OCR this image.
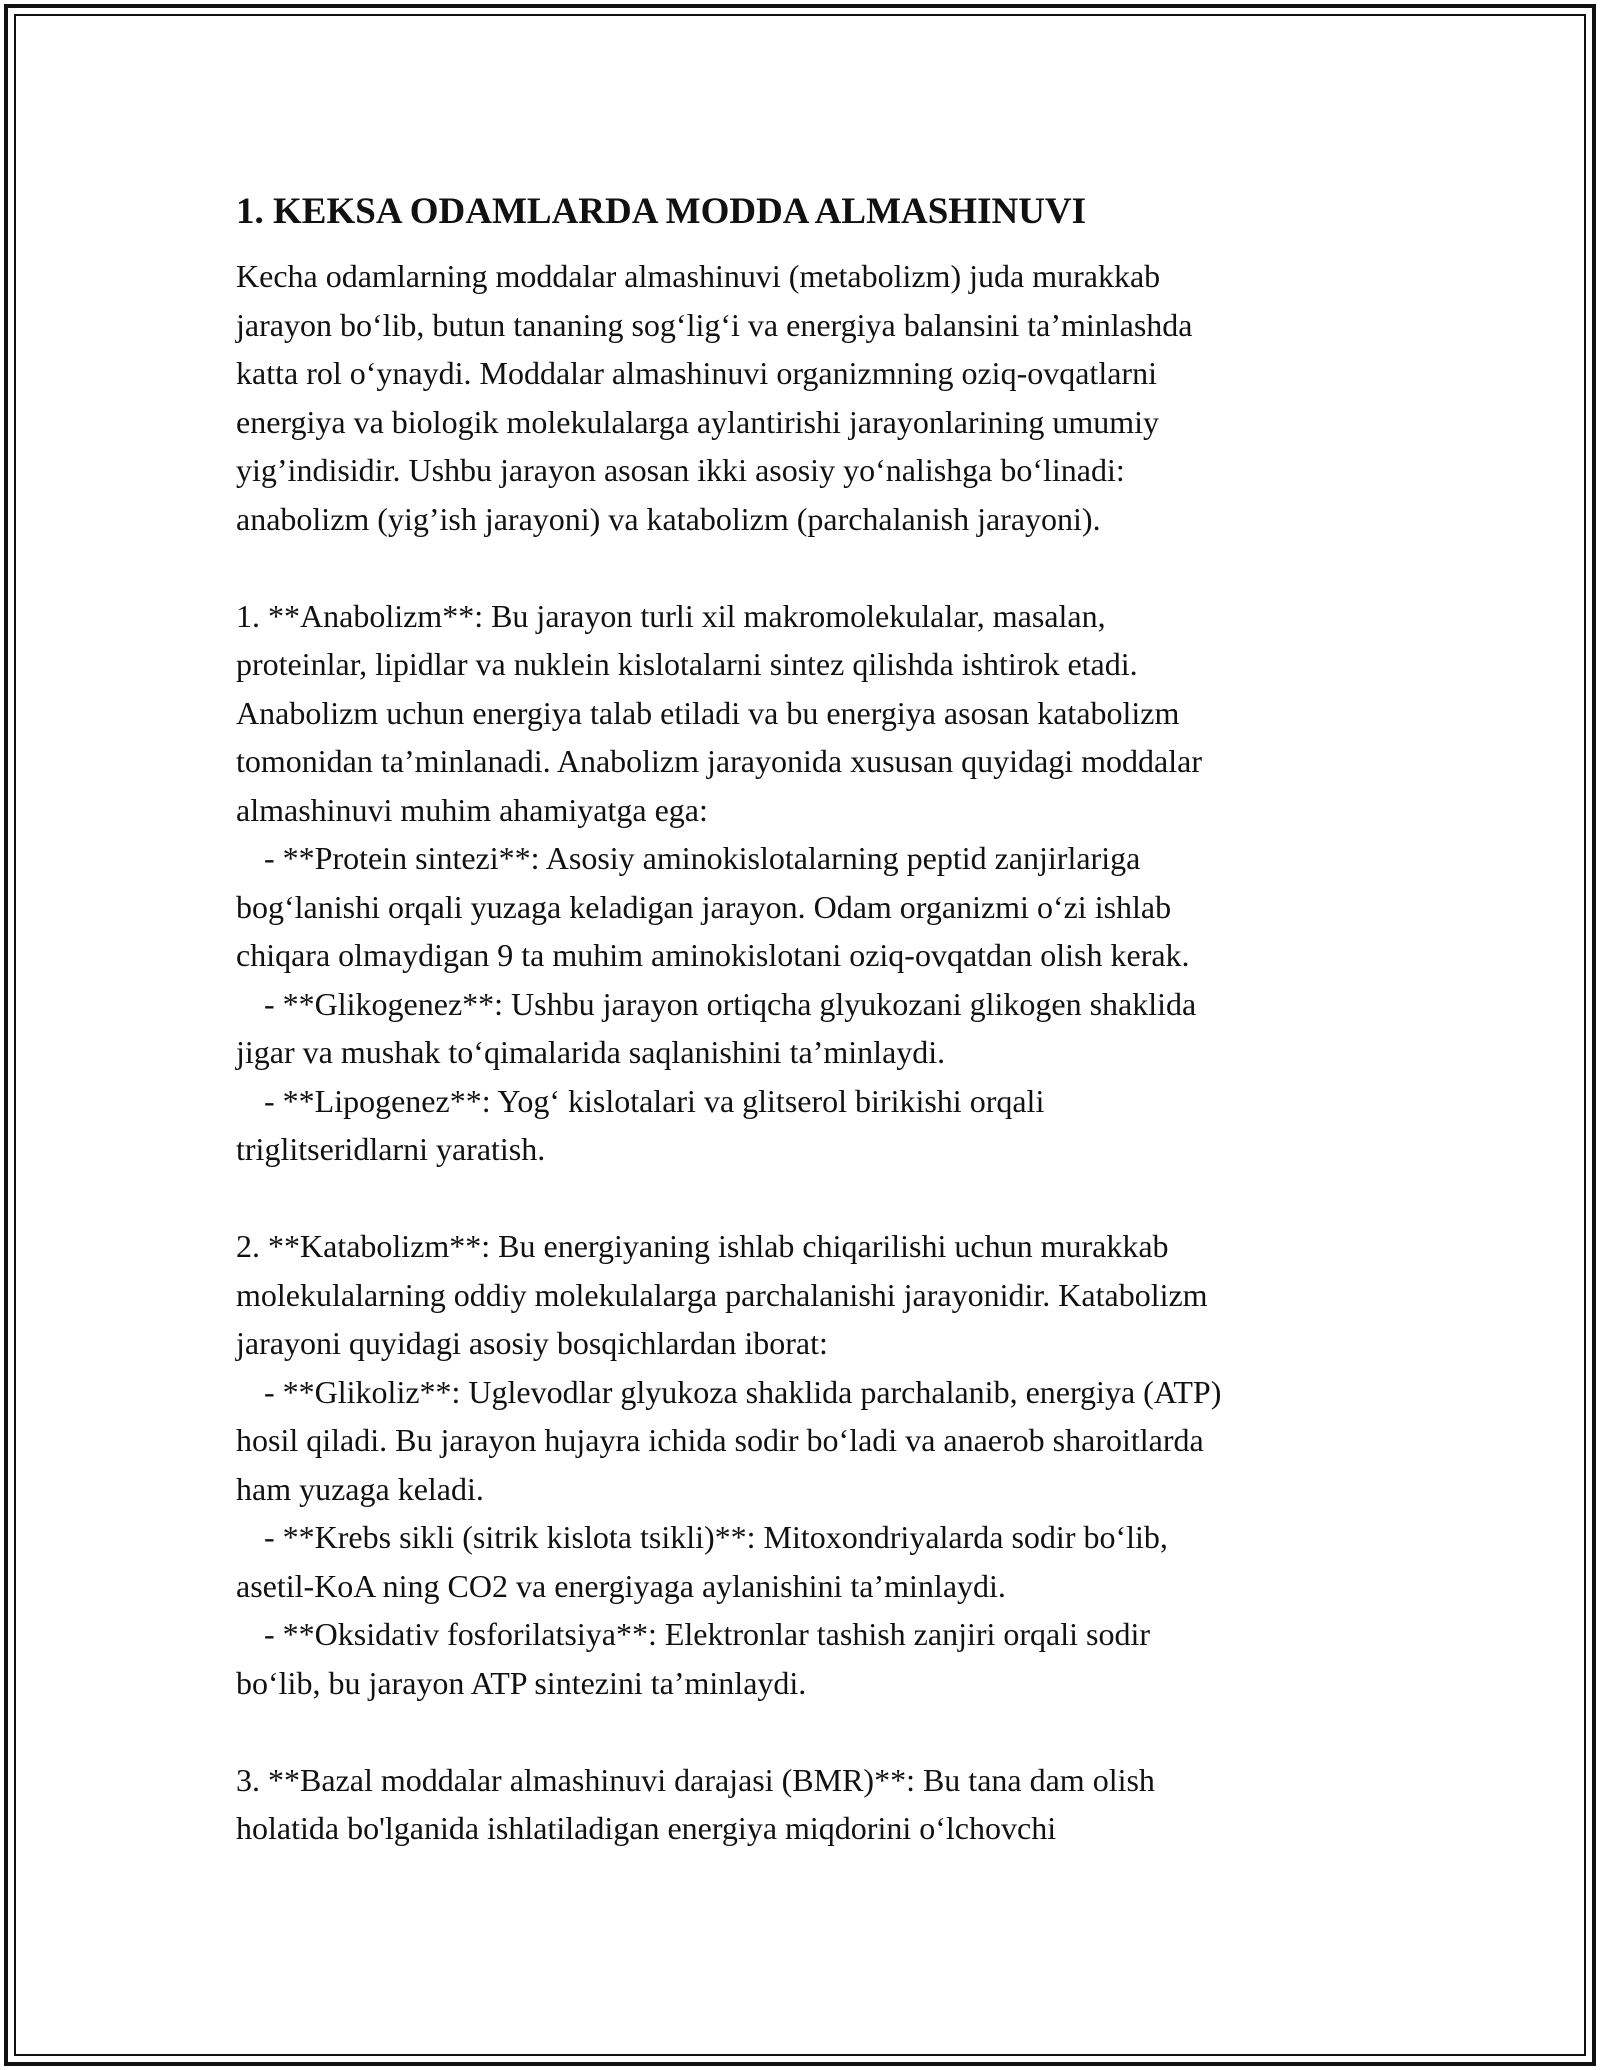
1. KEKSA ODAMLARDA MODDA ALMASHINUVI
Kecha odamlarning moddalar almashinuvi (metabolizm) juda murakkab
jarayon bo‘lib, butun tananing sog‘lig‘i va energiya balansini ta’minlashda
katta rol o‘ynaydi. Moddalar almashinuvi organizmning oziq-ovqatlarni
energiya va biologik molekulalarga aylantirishi jarayonlarining umumiy
yig’indisidir. Ushbu jarayon asosan ikki asosiy yo‘nalishga bo‘linadi:
anabolizm (yig’ish jarayoni) va katabolizm (parchalanish jarayoni).
1. **Anabolizm**: Bu jarayon turli xil makromolekulalar, masalan,
proteinlar, lipidlar va nuklein kislotalarni sintez qilishda ishtirok etadi.
Anabolizm uchun energiya talab etiladi va bu energiya asosan katabolizm
tomonidan ta’minlanadi. Anabolizm jarayonida xususan quyidagi moddalar
almashinuvi muhim ahamiyatga ega:
- **Protein sintezi**: Asosiy aminokislotalarning peptid zanjirlariga
bog‘lanishi orqali yuzaga keladigan jarayon. Odam organizmi o‘zi ishlab
chiqara olmaydigan 9 ta muhim aminokislotani oziq-ovqatdan olish kerak.
- **Glikogenez**: Ushbu jarayon ortiqcha glyukozani glikogen shaklida
jigar va mushak to‘qimalarida saqlanishini ta’minlaydi.
- **Lipogenez**: Yog‘ kislotalari va glitserol birikishi orqali
triglitseridlarni yaratish.
2. **Katabolizm**: Bu energiyaning ishlab chiqarilishi uchun murakkab
molekulalarning oddiy molekulalarga parchalanishi jarayonidir. Katabolizm
jarayoni quyidagi asosiy bosqichlardan iborat:
- **Glikoliz**: Uglevodlar glyukoza shaklida parchalanib, energiya (ATP)
hosil qiladi. Bu jarayon hujayra ichida sodir bo‘ladi va anaerob sharoitlarda
ham yuzaga keladi.
- **Krebs sikli (sitrik kislota tsikli)**: Mitoxondriyalarda sodir bo‘lib,
asetil-KoA ning CO2 va energiyaga aylanishini ta’minlaydi.
- **Oksidativ fosforilatsiya**: Elektronlar tashish zanjiri orqali sodir
bo‘lib, bu jarayon ATP sintezini ta’minlaydi.
3. **Bazal moddalar almashinuvi darajasi (BMR)**: Bu tana dam olish
holatida bo'lganida ishlatiladigan energiya miqdorini o‘lchovchi
